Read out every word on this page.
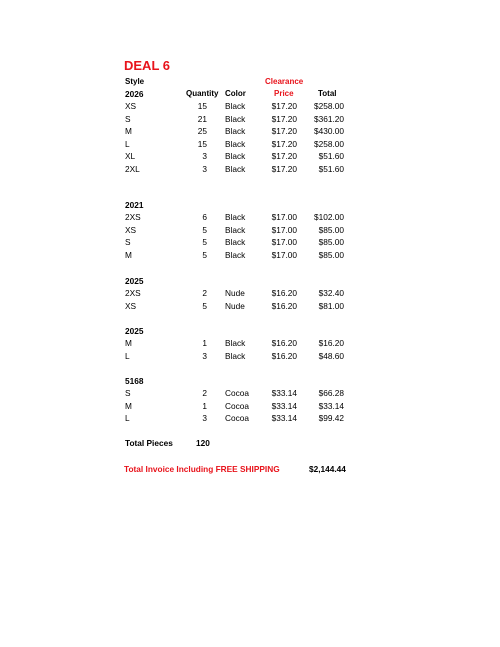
DEAL 6
Style	Clearance
Quantity Color	Price	Total
2026
XS	15 Black	$17.20	$258.00
S	21 Black	$17.20	$361.20
M	25 Black	$17.20	$430.00
L	15 Black	$17.20	$258.00
XL	3 Black	$17.20	$51.60
2XL	3 Black	$17.20	$51.60
2021
2XS	6 Black	$17.00	$102.00
XS	5 Black	$17.00	$85.00
S	5 Black	$17.00	$85.00
M	5 Black	$17.00	$85.00
2025
2XS	2 Nude	$16.20	$32.40
XS	5 Nude	$16.20	$81.00
2025
M	1 Black	$16.20	$16.20
L	3 Black	$16.20	$48.60
5168
S	2 Cocoa	$33.14	$66.28
M	1 Cocoa	$33.14	$33.14
L	3 Cocoa	$33.14	$99.42
Total Pieces	120
Total Invoice Including FREE SHIPPING	$2,144.44
